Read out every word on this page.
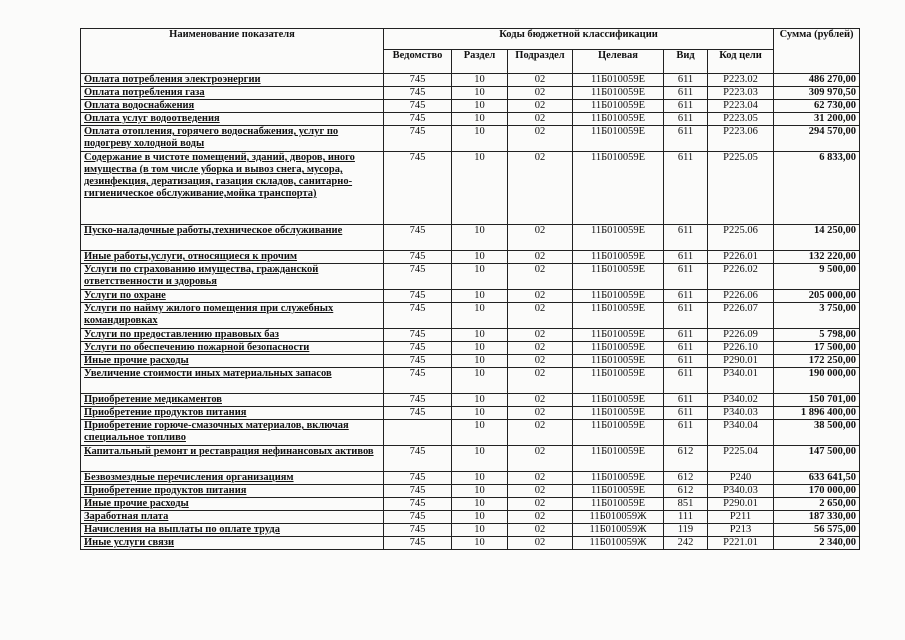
Наименование показателя	Коды бюджетной классификации						Сумма (рублей)
	Ведомство	Раздел	Подраздел	Целевая	Вид	Код цели	
Оплата потребления электроэнергии	745	10	02	11Б010059Е	611	Р223.02	486 270,00
Оплата потребления газа	745	10	02	11Б010059Е	611	Р223.03	309 970,50
Оплата водоснабжения	745	10	02	11Б010059Е	611	Р223.04	62 730,00
Оплата услуг водоотведения	745	10	02	11Б010059Е	611	Р223.05	31 200,00
Оплата отопления, горячего водоснабжения, услуг по подогреву холодной воды	745	10	02	11Б010059Е	611	Р223.06	294 570,00
Содержание в чистоте помещений, зданий, дворов, иного имущества (в том числе уборка и вывоз снега, мусора, дезинфекция, дератизация, газация складов, санитарно-гигиеническое обслуживание,мойка транспорта)	745	10	02	11Б010059Е	611	Р225.05	6 833,00
Пуско-наладочные работы,техническое обслуживание	745	10	02	11Б010059Е	611	Р225.06	14 250,00
Иные работы,услуги, относящиеся к прочим	745	10	02	11Б010059Е	611	Р226.01	132 220,00
Услуги по страхованию имущества, гражданской ответственности и здоровья	745	10	02	11Б010059Е	611	Р226.02	9 500,00
Услуги по охране	745	10	02	11Б010059Е	611	Р226.06	205 000,00
Услуги по найму жилого помещения при служебных командировках	745	10	02	11Б010059Е	611	Р226.07	3 750,00
Услуги по предоставлению правовых баз	745	10	02	11Б010059Е	611	Р226.09	5 798,00
Услуги по обеспечению пожарной безопасности	745	10	02	11Б010059Е	611	Р226.10	17 500,00
Иные прочие расходы	745	10	02	11Б010059Е	611	Р290.01	172 250,00
Увеличение стоимости иных материальных запасов	745	10	02	11Б010059Е	611	Р340.01	190 000,00
Приобретение медикаментов	745	10	02	11Б010059Е	611	Р340.02	150 701,00
Приобретение продуктов питания	745	10	02	11Б010059Е	611	Р340.03	1 896 400,00
Приобретение горюче-смазочных материалов, включая специальное топливо		10	02	11Б010059Е	611	Р340.04	38 500,00
Капитальный ремонт и реставрация нефинансовых активов	745	10	02	11Б010059Е	612	Р225.04	147 500,00
Безвозмездные перечисления организациям	745	10	02	11Б010059Е	612	Р240	633 641,50
Приобретение продуктов питания	745	10	02	11Б010059Е	612	Р340.03	170 000,00
Иные прочие расходы	745	10	02	11Б010059Е	851	Р290.01	2 650,00
Заработная плата	745	10	02	11Б010059Ж	111	Р211	187 330,00
Начисления на выплаты по оплате труда	745	10	02	11Б010059Ж	119	Р213	56 575,00
Иные услуги связи	745	10	02	11Б010059Ж	242	Р221.01	2 340,00
